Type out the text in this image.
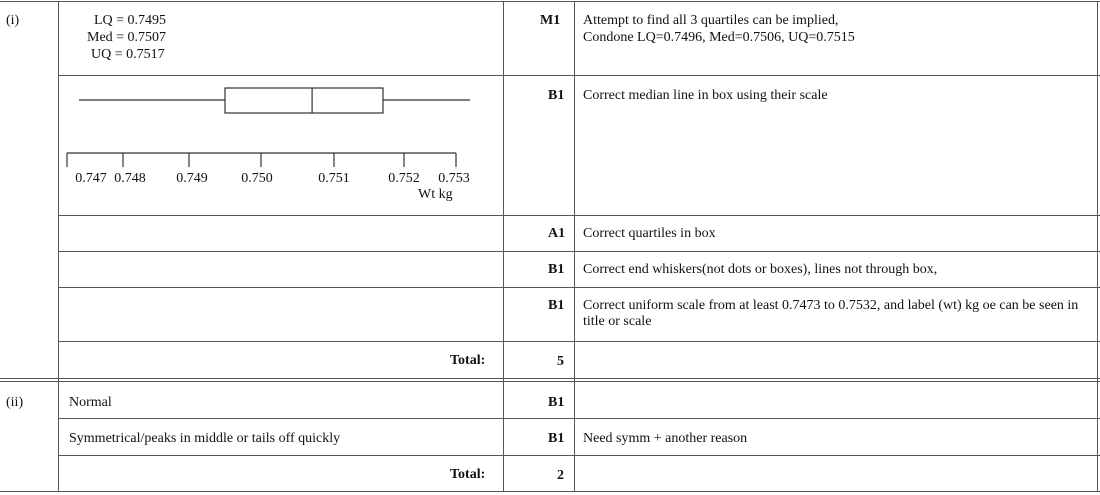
(i)	LQ = 0.7495
Med = 0.7507
UQ = 0.7517
0.747 0.748 0.749 0.750	0.751	0.752 0.753
Wt kg
M1 Attempt to find all 3 quartiles can be implied,
Condone LQ=0.7496, Med=0.7506, UQ=0.7515
B1 Correct median line in box using their scale
A1 Correct quartiles in box
B1 Correct end whiskers(not dots or boxes), lines not through box,
B1 Correct uniform scale from at least 0.7473 to 0.7532, and label (wt) kg oe can be seen in title or scale
Total:	5
(ii)	Normal	B1
Symmetrical/peaks in middle or tails off quickly	B1 Need symm + another reason
Total:	2
